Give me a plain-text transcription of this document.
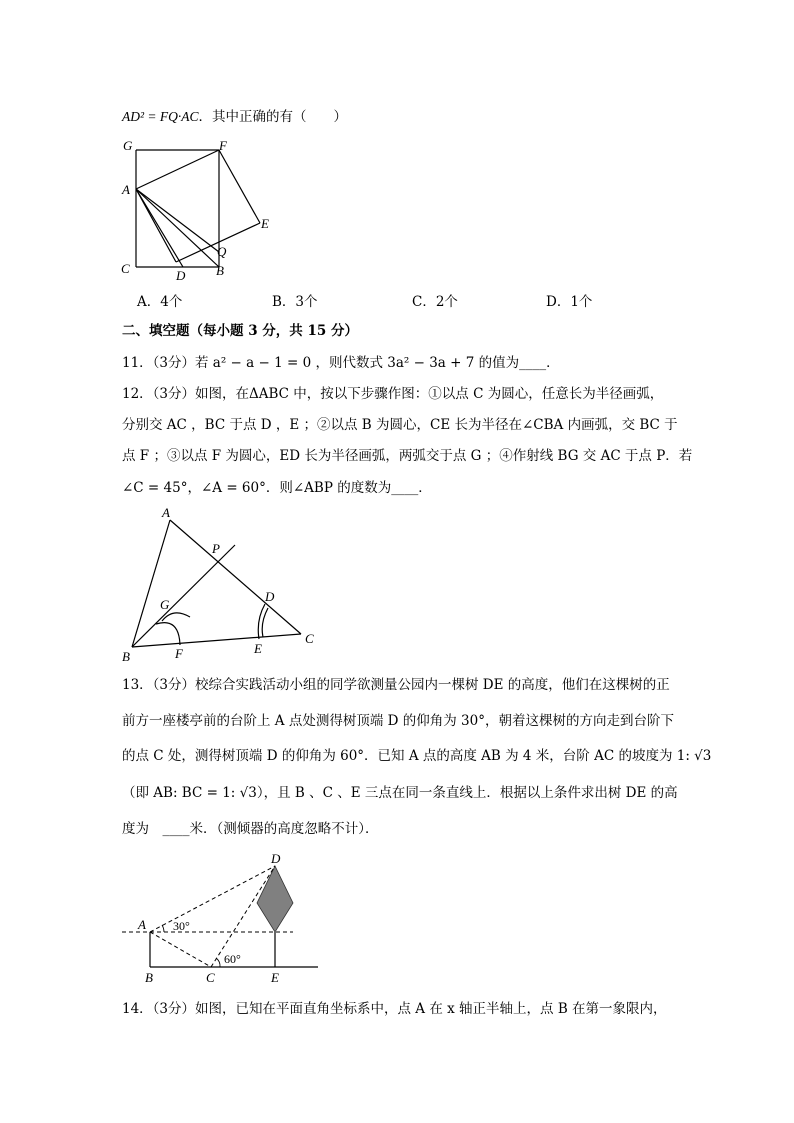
AD² = FQ·AC．其中正确的有（　　）
G	F
A
E
Q
C	D B
A．4个	B．3个	C．2个	D．1个
二、填空题（每小题 3 分，共 15 分）
11．（3分）若 a² − a − 1 = 0 ，则代数式 3a² − 3a + 7 的值为____．
12．（3分）如图，在ΔABC 中，按以下步骤作图：①以点 C 为圆心，任意长为半径画弧，
分别交 AC ，BC 于点 D ，E ；②以点 B 为圆心，CE 长为半径在∠CBA 内画弧，交 BC 于
点 F ；③以点 F 为圆心，ED 长为半径画弧，两弧交于点 G ；④作射线 BG 交 AC 于点 P．若
∠C = 45°，∠A = 60°．则∠ABP 的度数为____．
A
P
G
D
C
B	F	E
13．（3分）校综合实践活动小组的同学欲测量公园内一棵树 DE 的高度，他们在这棵树的正
前方一座楼亭前的台阶上 A 点处测得树顶端 D 的仰角为 30°，朝着这棵树的方向走到台阶下
的点 C 处，测得树顶端 D 的仰角为 60°．已知 A 点的高度 AB 为 4 米，台阶 AC 的坡度为 1: √3
（即 AB: BC = 1: √3），且 B 、C 、E 三点在同一条直线上．根据以上条件求出树 DE 的高
度为　____米．（测倾器的高度忽略不计）．
D
A 30°
60°
B	C	E
14．（3分）如图，已知在平面直角坐标系中，点 A 在 x 轴正半轴上，点 B 在第一象限内，
